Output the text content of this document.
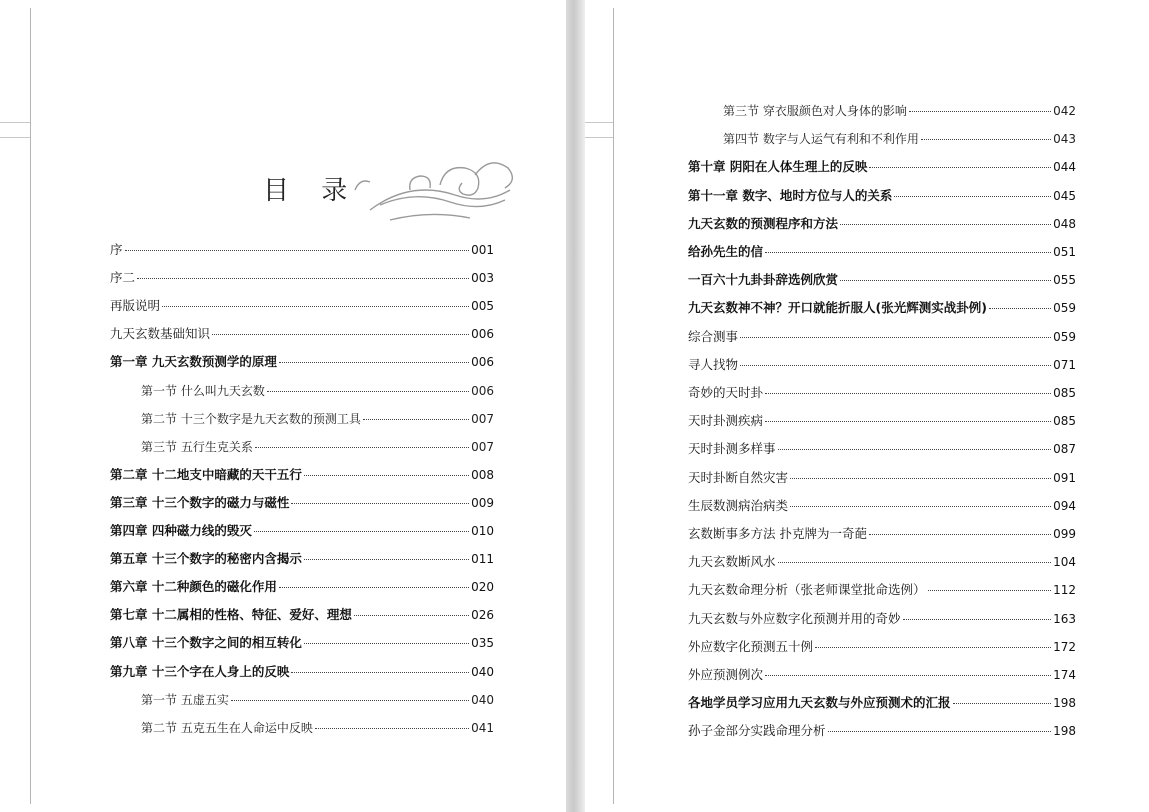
目 录
序	001
序二	003
再版说明	005
九天玄数基础知识	006
第一章 九天玄数预测学的原理	006
第一节 什么叫九天玄数	006
第二节 十三个数字是九天玄数的预测工具	007
第三节 五行生克关系	007
第二章 十二地支中暗藏的天干五行	008
第三章 十三个数字的磁力与磁性	009
第四章 四种磁力线的毁灭	010
第五章 十三个数字的秘密内含揭示	011
第六章 十二种颜色的磁化作用	020
第七章 十二属相的性格、特征、爱好、理想	026
第八章 十三个数字之间的相互转化	035
第九章 十三个字在人身上的反映	040
第一节 五虚五实	040
第二节 五克五生在人命运中反映	041
第三节 穿衣服颜色对人身体的影响	042
第四节 数字与人运气有利和不利作用	043
第十章 阴阳在人体生理上的反映	044
第十一章 数字、地时方位与人的关系	045
九天玄数的预测程序和方法	048
给孙先生的信	051
一百六十九卦卦辞选例欣赏	055
九天玄数神不神？开口就能折服人(张光辉测实战卦例)	059
综合测事	059
寻人找物	071
奇妙的天时卦	085
天时卦测疾病	085
天时卦测多样事	087
天时卦断自然灾害	091
生辰数测病治病类	094
玄数断事多方法 扑克牌为一奇葩	099
九天玄数断风水	104
九天玄数命理分析（张老师课堂批命选例）	112
九天玄数与外应数字化预测并用的奇妙	163
外应数字化预测五十例	172
外应预测例次	174
各地学员学习应用九天玄数与外应预测术的汇报	198
孙子金部分实践命理分析	198
